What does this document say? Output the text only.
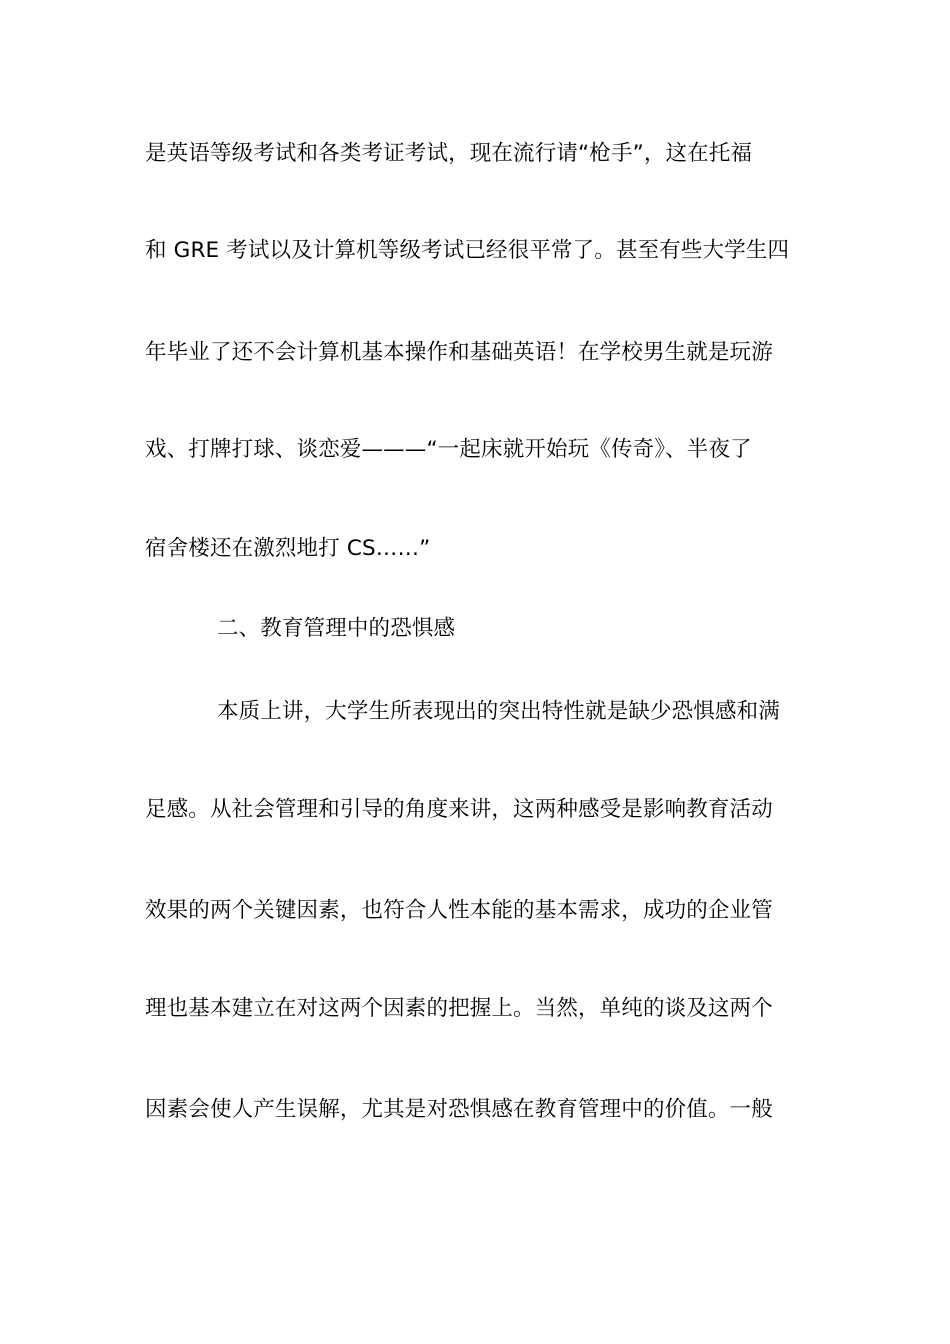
是英语等级考试和各类考证考试，现在流行请“枪手”，这在托福
和 GRE 考试以及计算机等级考试已经很平常了。甚至有些大学生四
年毕业了还不会计算机基本操作和基础英语！在学校男生就是玩游
戏、打牌打球、谈恋爱———“一起床就开始玩《传奇》、半夜了
宿舍楼还在激烈地打 CS……”
二、教育管理中的恐惧感
本质上讲，大学生所表现出的突出特性就是缺少恐惧感和满
足感。从社会管理和引导的角度来讲，这两种感受是影响教育活动
效果的两个关键因素，也符合人性本能的基本需求，成功的企业管
理也基本建立在对这两个因素的把握上。当然，单纯的谈及这两个
因素会使人产生误解，尤其是对恐惧感在教育管理中的价值。一般
